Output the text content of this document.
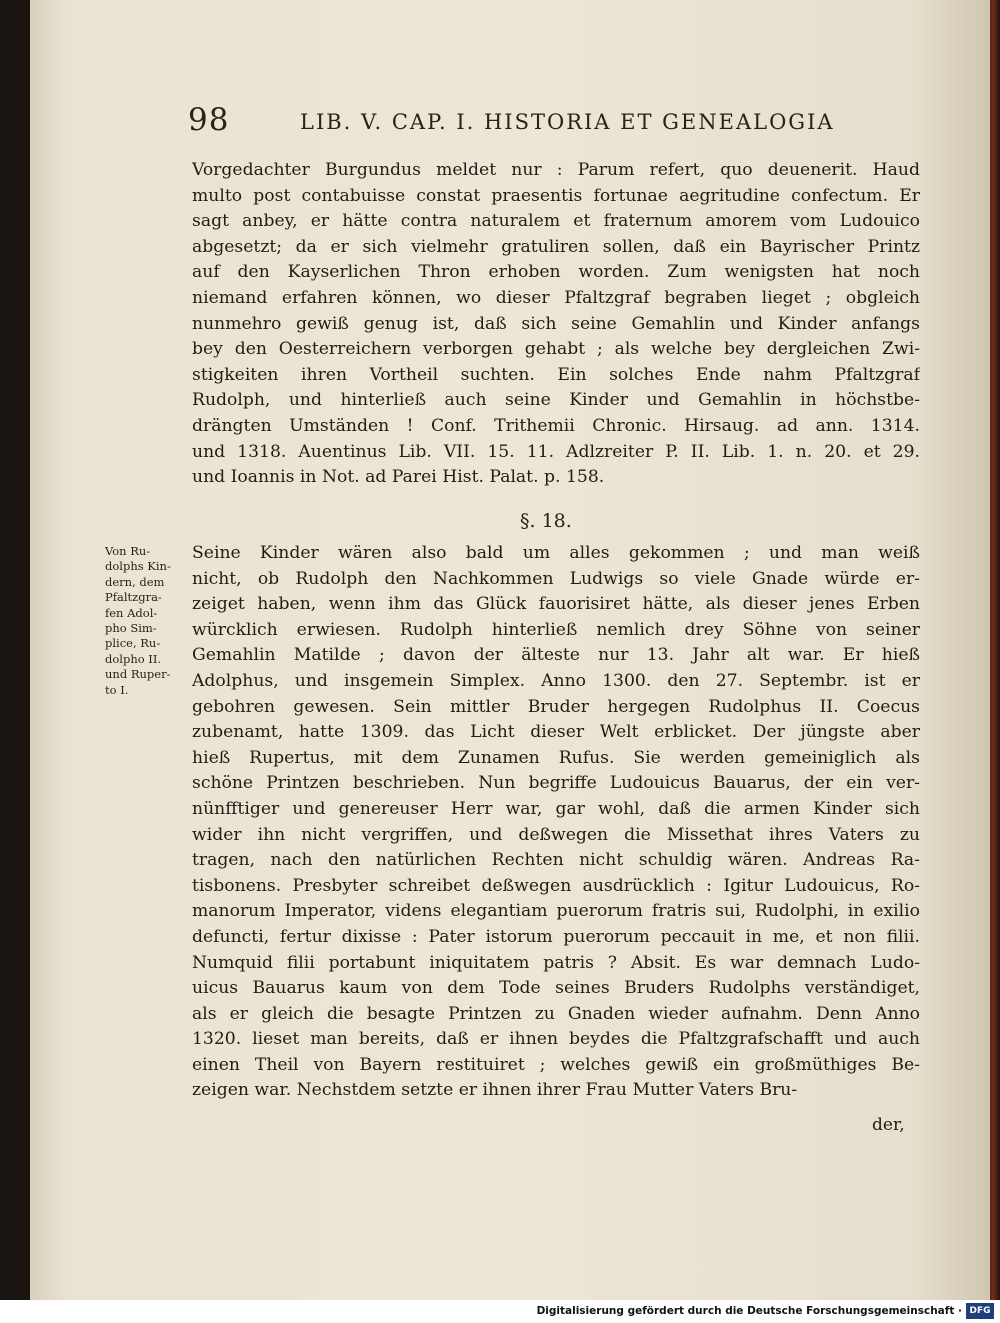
98	LIB. V. CAP. I. HISTORIA ET GENEALOGIA
Vorgedachter Burgundus meldet nur : Parum refert, quo deuenerit. Haud
multo post contabuisse constat praesentis fortunae aegritudine confectum. Er
sagt anbey, er hätte contra naturalem et fraternum amorem vom Ludouico
abgesetzt; da er sich vielmehr gratuliren sollen, daß ein Bayrischer Printz
auf den Kayserlichen Thron erhoben worden. Zum wenigsten hat noch
niemand erfahren können, wo dieser Pfaltzgraf begraben lieget ; obgleich
nunmehro gewiß genug ist, daß sich seine Gemahlin und Kinder anfangs
bey den Oesterreichern verborgen gehabt ; als welche bey dergleichen Zwi-
stigkeiten ihren Vortheil suchten. Ein solches Ende nahm Pfaltzgraf
Rudolph, und hinterließ auch seine Kinder und Gemahlin in höchstbe-
drängten Umständen ! Conf. Trithemii Chronic. Hirsaug. ad ann. 1314.
und 1318. Auentinus Lib. VII. 15. 11. Adlzreiter P. II. Lib. 1. n. 20. et 29.
und Ioannis in Not. ad Parei Hist. Palat. p. 158.
§. 18.
Von Ru-
dolphs Kin-
dern, dem
Pfaltzgra-
fen Adol-
pho Sim-
plice, Ru-
dolpho II.
und Ruper-
to I.
Seine Kinder wären also bald um alles gekommen ; und man weiß
nicht, ob Rudolph den Nachkommen Ludwigs so viele Gnade würde er-
zeiget haben, wenn ihm das Glück fauorisiret hätte, als dieser jenes Erben
würcklich erwiesen. Rudolph hinterließ nemlich drey Söhne von seiner
Gemahlin Matilde ; davon der älteste nur 13. Jahr alt war. Er hieß
Adolphus, und insgemein Simplex. Anno 1300. den 27. Septembr. ist er
gebohren gewesen. Sein mittler Bruder hergegen Rudolphus II. Coecus
zubenamt, hatte 1309. das Licht dieser Welt erblicket. Der jüngste aber
hieß Rupertus, mit dem Zunamen Rufus. Sie werden gemeiniglich als
schöne Printzen beschrieben. Nun begriffe Ludouicus Bauarus, der ein ver-
nünfftiger und genereuser Herr war, gar wohl, daß die armen Kinder sich
wider ihn nicht vergriffen, und deßwegen die Missethat ihres Vaters zu
tragen, nach den natürlichen Rechten nicht schuldig wären. Andreas Ra-
tisbonens. Presbyter schreibet deßwegen ausdrücklich : Igitur Ludouicus, Ro-
manorum Imperator, videns elegantiam puerorum fratris sui, Rudolphi, in exilio
defuncti, fertur dixisse : Pater istorum puerorum peccauit in me, et non filii.
Numquid filii portabunt iniquitatem patris ? Absit. Es war demnach Ludo-
uicus Bauarus kaum von dem Tode seines Bruders Rudolphs verständiget,
als er gleich die besagte Printzen zu Gnaden wieder aufnahm. Denn Anno
1320. lieset man bereits, daß er ihnen beydes die Pfaltzgrafschafft und auch
einen Theil von Bayern restituiret ; welches gewiß ein großmüthiges Be-
zeigen war. Nechstdem setzte er ihnen ihrer Frau Mutter Vaters Bru-
der,
Digitalisierung gefördert durch die Deutsche Forschungsgemeinschaft · DFG
